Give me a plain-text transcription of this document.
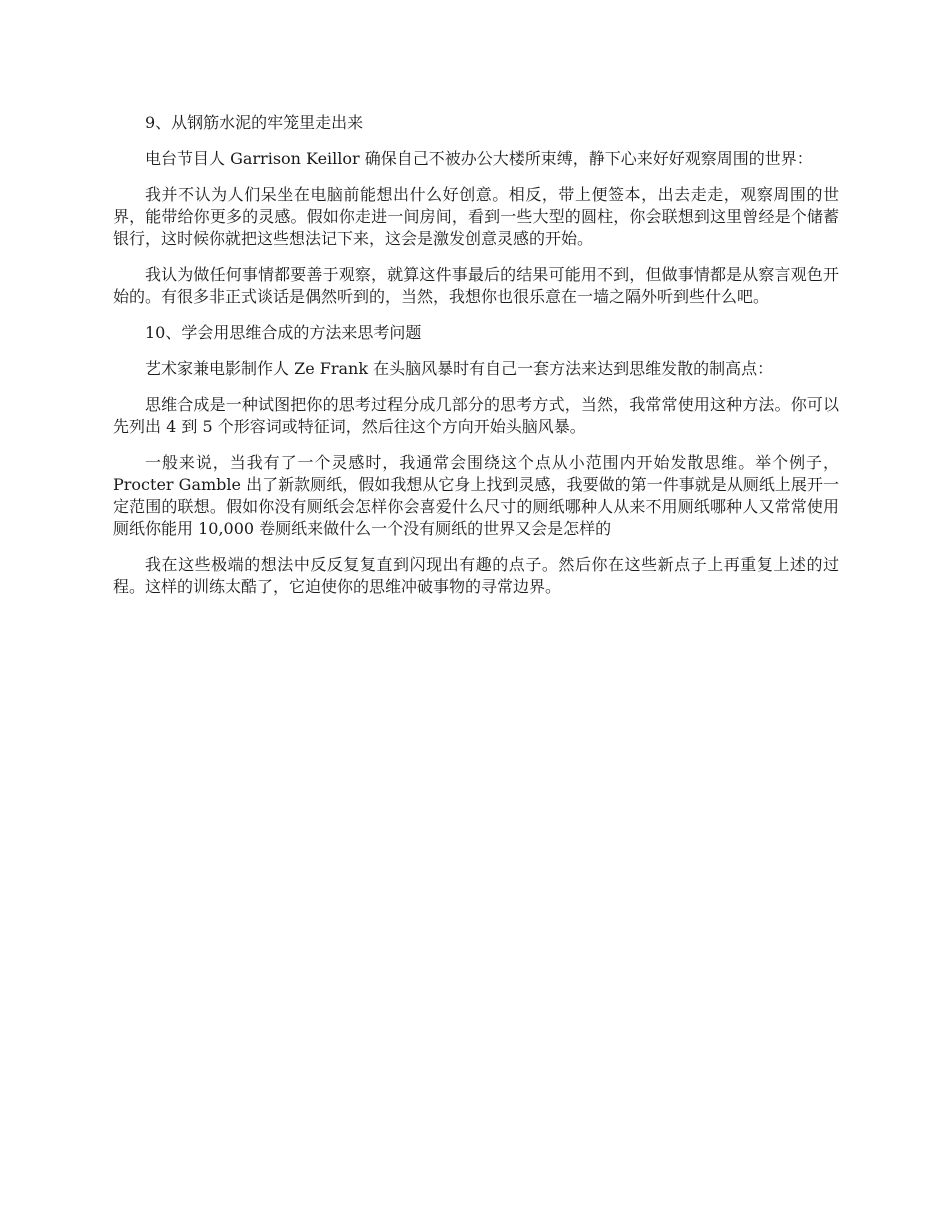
9、从钢筋水泥的牢笼里走出来

电台节目人 Garrison Keillor 确保自己不被办公大楼所束缚，静下心来好好观察周围的世界：

我并不认为人们呆坐在电脑前能想出什么好创意。相反，带上便签本，出去走走，观察周围的世界，能带给你更多的灵感。假如你走进一间房间，看到一些大型的圆柱，你会联想到这里曾经是个储蓄银行，这时候你就把这些想法记下来，这会是激发创意灵感的开始。

我认为做任何事情都要善于观察，就算这件事最后的结果可能用不到，但做事情都是从察言观色开始的。有很多非正式谈话是偶然听到的，当然，我想你也很乐意在一墙之隔外听到些什么吧。

10、学会用思维合成的方法来思考问题

艺术家兼电影制作人 Ze Frank 在头脑风暴时有自己一套方法来达到思维发散的制高点：

思维合成是一种试图把你的思考过程分成几部分的思考方式，当然，我常常使用这种方法。你可以先列出 4 到 5 个形容词或特征词，然后往这个方向开始头脑风暴。

一般来说，当我有了一个灵感时，我通常会围绕这个点从小范围内开始发散思维。举个例子，Procter Gamble 出了新款厕纸，假如我想从它身上找到灵感，我要做的第一件事就是从厕纸上展开一定范围的联想。假如你没有厕纸会怎样你会喜爱什么尺寸的厕纸哪种人从来不用厕纸哪种人又常常使用厕纸你能用 10,000 卷厕纸来做什么一个没有厕纸的世界又会是怎样的

我在这些极端的想法中反反复复直到闪现出有趣的点子。然后你在这些新点子上再重复上述的过程。这样的训练太酷了，它迫使你的思维冲破事物的寻常边界。
